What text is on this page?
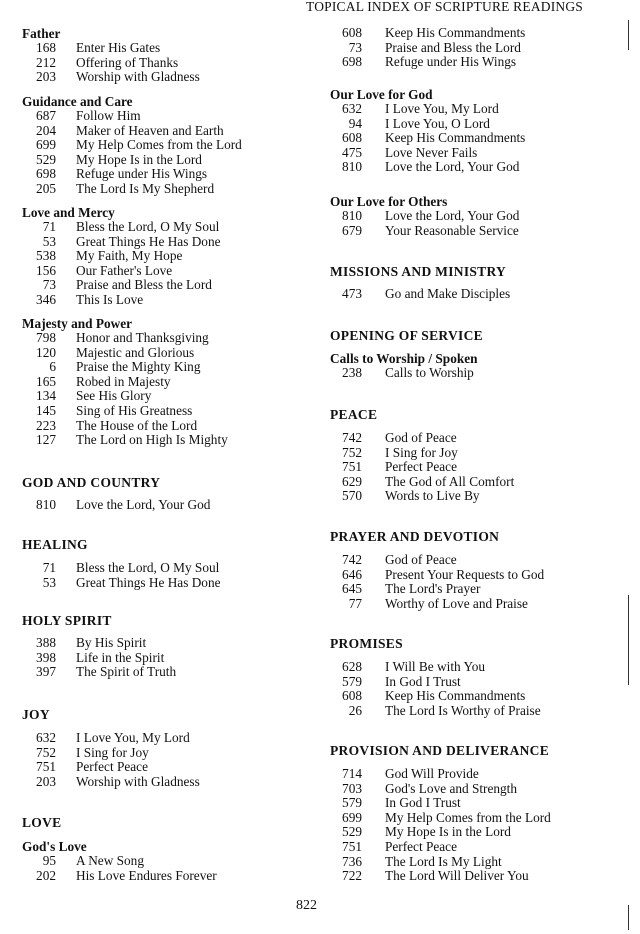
TOPICAL INDEX OF SCRIPTURE READINGS
Father
168	Enter His Gates
212	Offering of Thanks
203	Worship with Gladness
Guidance and Care
687	Follow Him
204	Maker of Heaven and Earth
699	My Help Comes from the Lord
529	My Hope Is in the Lord
698	Refuge under His Wings
205	The Lord Is My Shepherd
Love and Mercy
71	Bless the Lord, O My Soul
53	Great Things He Has Done
538	My Faith, My Hope
156	Our Father's Love
73	Praise and Bless the Lord
346	This Is Love
Majesty and Power
798	Honor and Thanksgiving
120	Majestic and Glorious
6	Praise the Mighty King
165	Robed in Majesty
134	See His Glory
145	Sing of His Greatness
223	The House of the Lord
127	The Lord on High Is Mighty
GOD AND COUNTRY
810	Love the Lord, Your God
HEALING
71	Bless the Lord, O My Soul
53	Great Things He Has Done
HOLY SPIRIT
388	By His Spirit
398	Life in the Spirit
397	The Spirit of Truth
JOY
632	I Love You, My Lord
752	I Sing for Joy
751	Perfect Peace
203	Worship with Gladness
LOVE
God's Love
95	A New Song
202	His Love Endures Forever
608	Keep His Commandments
73	Praise and Bless the Lord
698	Refuge under His Wings
Our Love for God
632	I Love You, My Lord
94	I Love You, O Lord
608	Keep His Commandments
475	Love Never Fails
810	Love the Lord, Your God
Our Love for Others
810	Love the Lord, Your God
679	Your Reasonable Service
MISSIONS AND MINISTRY
473	Go and Make Disciples
OPENING OF SERVICE
Calls to Worship / Spoken
238	Calls to Worship
PEACE
742	God of Peace
752	I Sing for Joy
751	Perfect Peace
629	The God of All Comfort
570	Words to Live By
PRAYER AND DEVOTION
742	God of Peace
646	Present Your Requests to God
645	The Lord's Prayer
77	Worthy of Love and Praise
PROMISES
628	I Will Be with You
579	In God I Trust
608	Keep His Commandments
26	The Lord Is Worthy of Praise
PROVISION AND DELIVERANCE
714	God Will Provide
703	God's Love and Strength
579	In God I Trust
699	My Help Comes from the Lord
529	My Hope Is in the Lord
751	Perfect Peace
736	The Lord Is My Light
722	The Lord Will Deliver You
822
